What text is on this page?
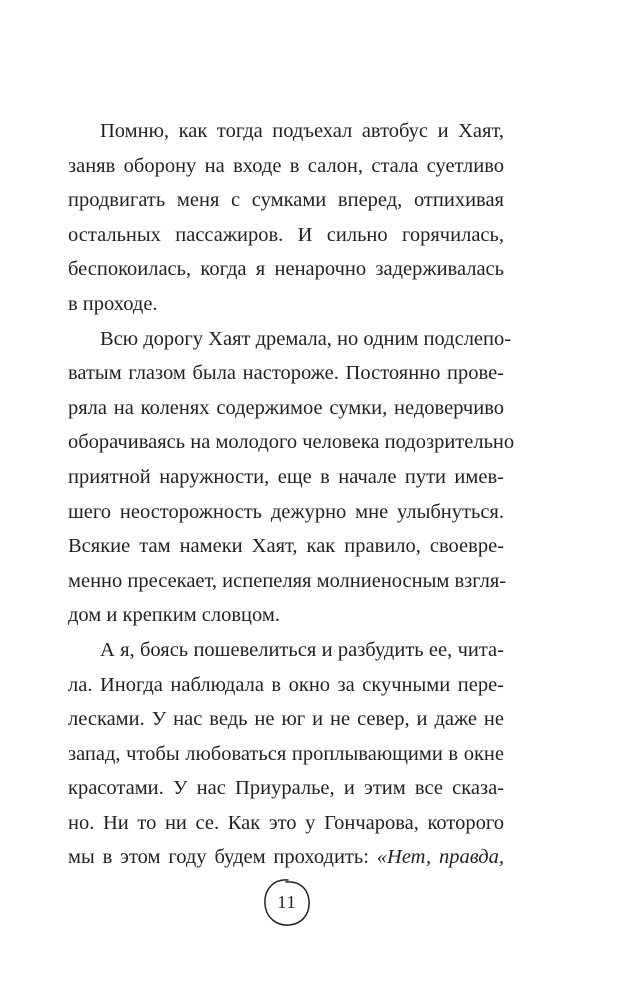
Помню, как тогда подъехал автобус и Хаят,
заняв оборону на входе в салон, стала суетливо
продвигать меня с сумками вперед, отпихивая
остальных пассажиров. И сильно горячилась,
беспокоилась, когда я ненарочно задерживалась
в проходе.
Всю дорогу Хаят дремала, но одним подслепо-
ватым глазом была настороже. Постоянно прове-
ряла на коленях содержимое сумки, недоверчиво
оборачиваясь на молодого человека подозрительно
приятной наружности, еще в начале пути имев-
шего неосторожность дежурно мне улыбнуться.
Всякие там намеки Хаят, как правило, своевре-
менно пресекает, испепеляя молниеносным взгля-
дом и крепким словцом.
А я, боясь пошевелиться и разбудить ее, чита-
ла. Иногда наблюдала в окно за скучными пере-
лесками. У нас ведь не юг и не север, и даже не
запад, чтобы любоваться проплывающими в окне
красотами. У нас Приуралье, и этим все сказа-
но. Ни то ни се. Как это у Гончарова, которого
мы в этом году будем проходить: «Нет, правда,
11
